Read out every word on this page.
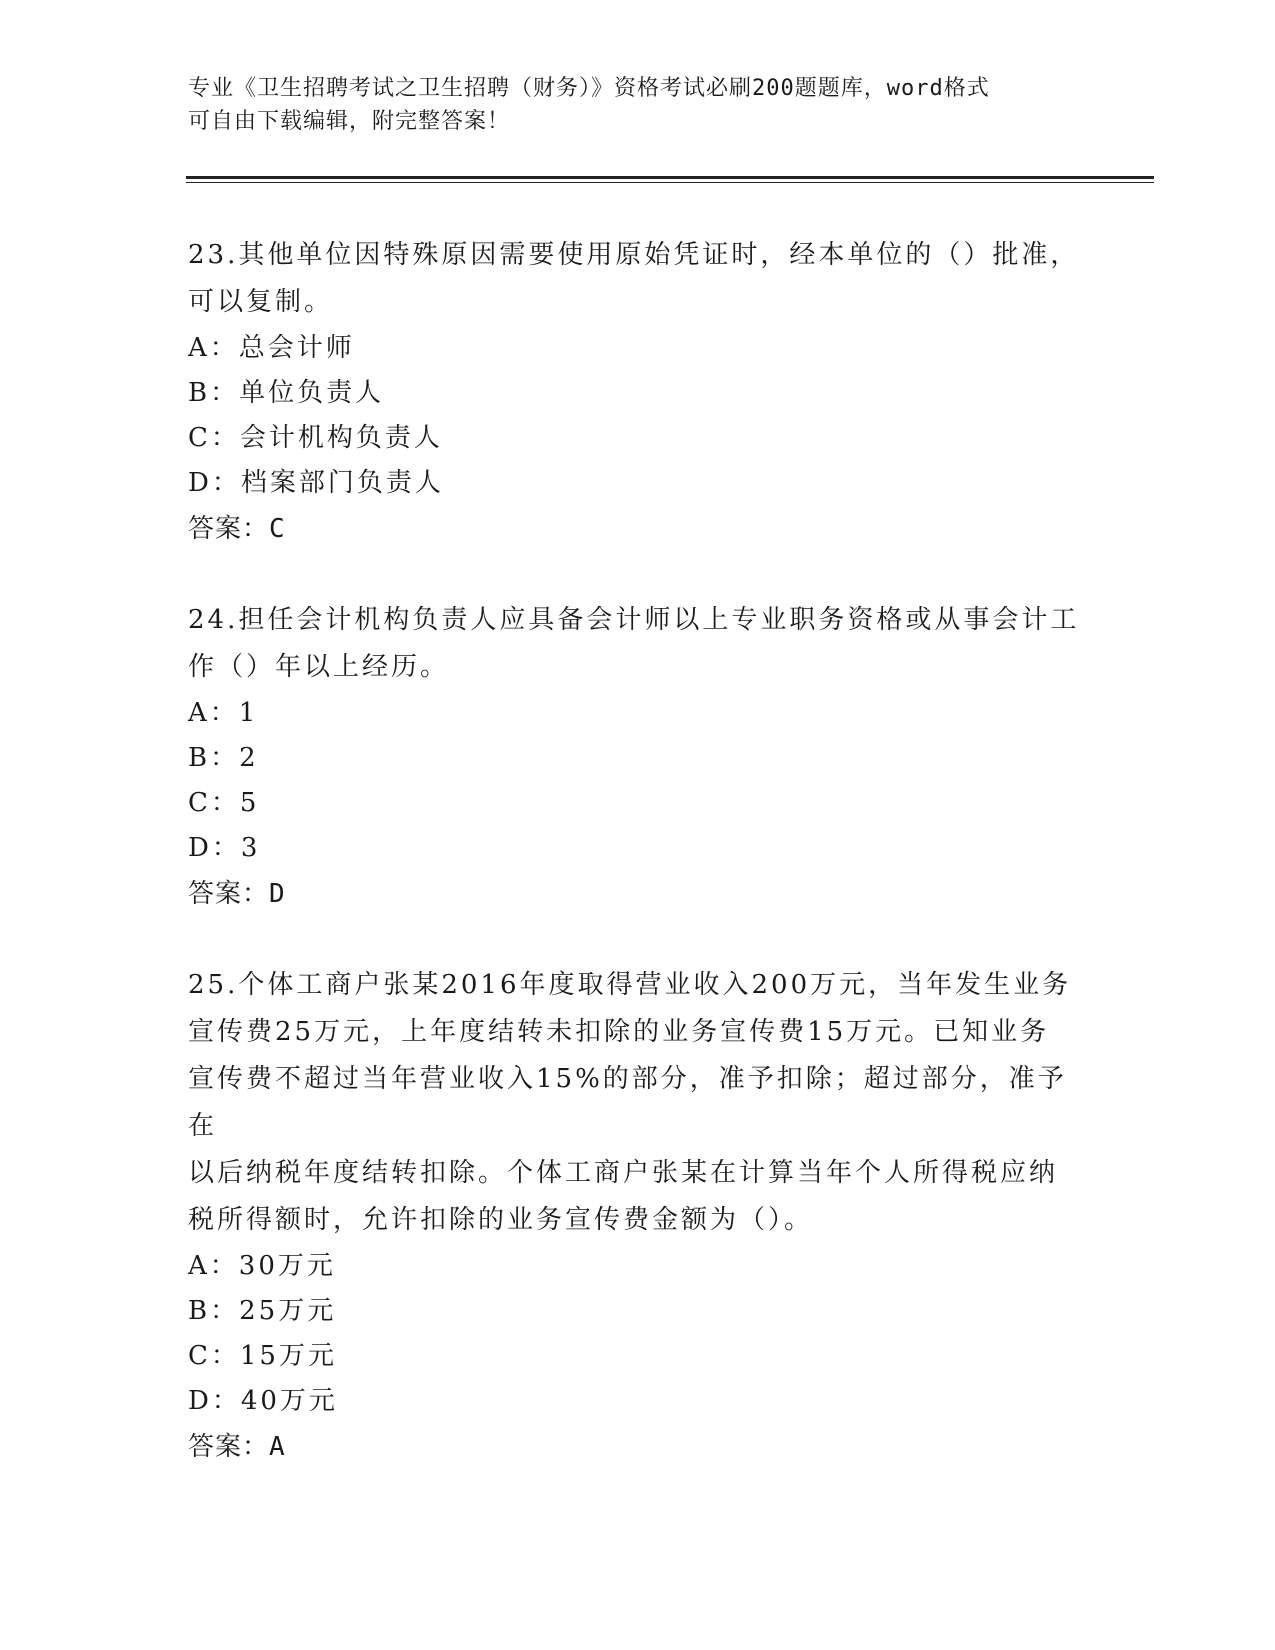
专业《卫生招聘考试之卫生招聘（财务）》资格考试必刷200题题库，word格式
可自由下载编辑，附完整答案！

23.其他单位因特殊原因需要使用原始凭证时，经本单位的（）批准，

可以复制。

A：总会计师

B：单位负责人

C：会计机构负责人

D：档案部门负责人

答案：C

24.担任会计机构负责人应具备会计师以上专业职务资格或从事会计工

作（）年以上经历。

A：1

B：2

C：5

D：3

答案：D

25.个体工商户张某2016年度取得营业收入200万元，当年发生业务

宣传费25万元，上年度结转未扣除的业务宣传费15万元。已知业务

宣传费不超过当年营业收入15%的部分，准予扣除；超过部分，准予在

以后纳税年度结转扣除。个体工商户张某在计算当年个人所得税应纳

税所得额时，允许扣除的业务宣传费金额为（）。

A：30万元

B：25万元

C：15万元

D：40万元

答案：A
